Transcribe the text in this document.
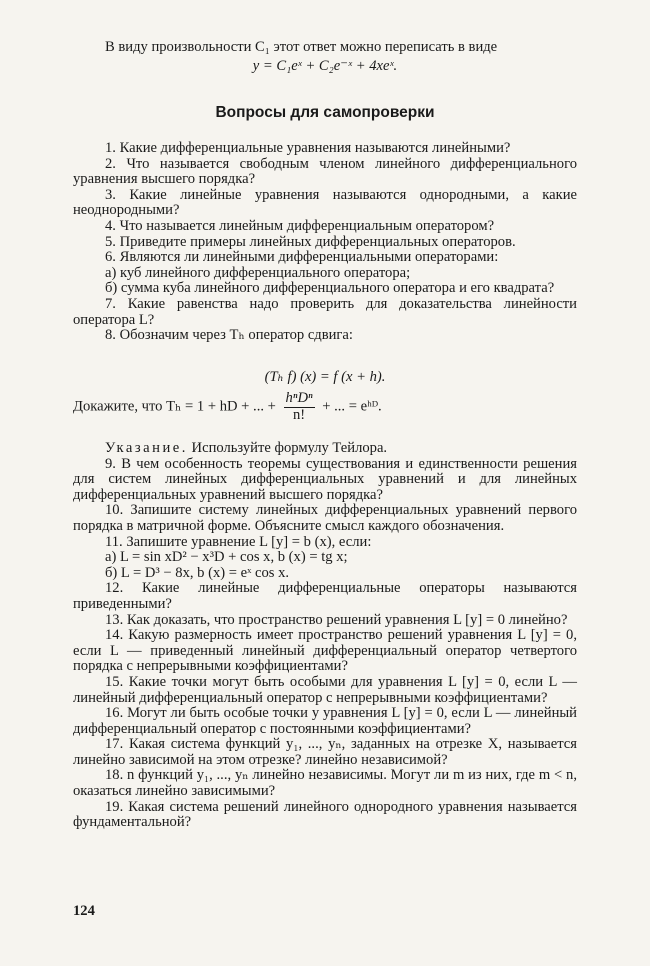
В виду произвольности C₁ этот ответ можно переписать в виде

y = C₁eˣ + C₂e⁻ˣ + 4xeˣ.

Вопросы для самопроверки

1. Какие дифференциальные уравнения называются линейными?

2. Что называется свободным членом линейного дифференциального уравнения высшего порядка?

3. Какие линейные уравнения называются однородными, а какие неоднородными?

4. Что называется линейным дифференциальным оператором?

5. Приведите примеры линейных дифференциальных операторов.

6. Являются ли линейными дифференциальными операторами:

а) куб линейного дифференциального оператора;

б) сумма куба линейного дифференциального оператора и его квадрата?

7. Какие равенства надо проверить для доказательства линейности оператора L?

8. Обозначим через Tₕ оператор сдвига:

(Tₕ f) (x) = f (x + h).

Докажите, что Tₕ = 1 + hD + ... + $\frac{\text{hⁿDⁿ}}{n!}$ + ... = eʰᴰ.

Указание. Используйте формулу Тейлора.

9. В чем особенность теоремы существования и единственности решения для систем линейных дифференциальных уравнений и для линейных дифференциальных уравнений высшего порядка?

10. Запишите систему линейных дифференциальных уравнений первого порядка в матричной форме. Объясните смысл каждого обозначения.

11. Запишите уравнение L [y] = b (x), если:

а) L = sin xD² − x³D + cos x, b (x) = tg x;

б) L = D³ − 8x, b (x) = eˣ cos x.

12. Какие линейные дифференциальные операторы называются приведенными?

13. Как доказать, что пространство решений уравнения L [y] = 0 линейно?

14. Какую размерность имеет пространство решений уравнения L [y] = 0, если L — приведенный линейный дифференциальный оператор четвертого порядка с непрерывными коэффициентами?

15. Какие точки могут быть особыми для уравнения L [y] = 0, если L — линейный дифференциальный оператор с непрерывными коэффициентами?

16. Могут ли быть особые точки у уравнения L [y] = 0, если L — линейный дифференциальный оператор с постоянными коэффициентами?

17. Какая система функций y₁, ..., yₙ, заданных на отрезке X, называется линейно зависимой на этом отрезке? линейно независимой?

18. n функций y₁, ..., yₙ линейно независимы. Могут ли m из них, где m < n, оказаться линейно зависимыми?

19. Какая система решений линейного однородного уравнения называется фундаментальной?

124
